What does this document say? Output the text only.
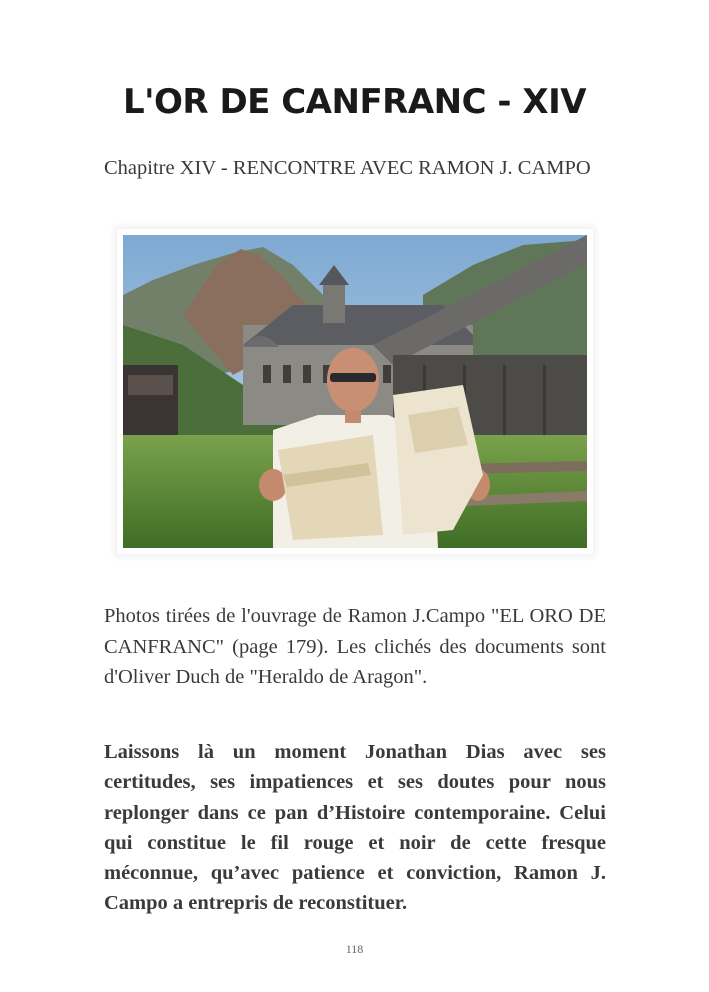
L'OR DE CANFRANC - XIV

Chapitre XIV - RENCONTRE AVEC RAMON J. CAMPO

Photos tirées de l'ouvrage de Ramon J.Campo "EL ORO DE CANFRANC" (page 179). Les clichés des documents sont d'Oliver Duch de "Heraldo de Aragon".

Laissons là un moment Jonathan Dias avec ses certitudes, ses impatiences et ses doutes pour nous replonger dans ce pan d’Histoire contemporaine. Celui qui constitue le fil rouge et noir de cette fresque méconnue, qu’avec patience et conviction, Ramon J. Campo a entrepris de reconstituer.

118
